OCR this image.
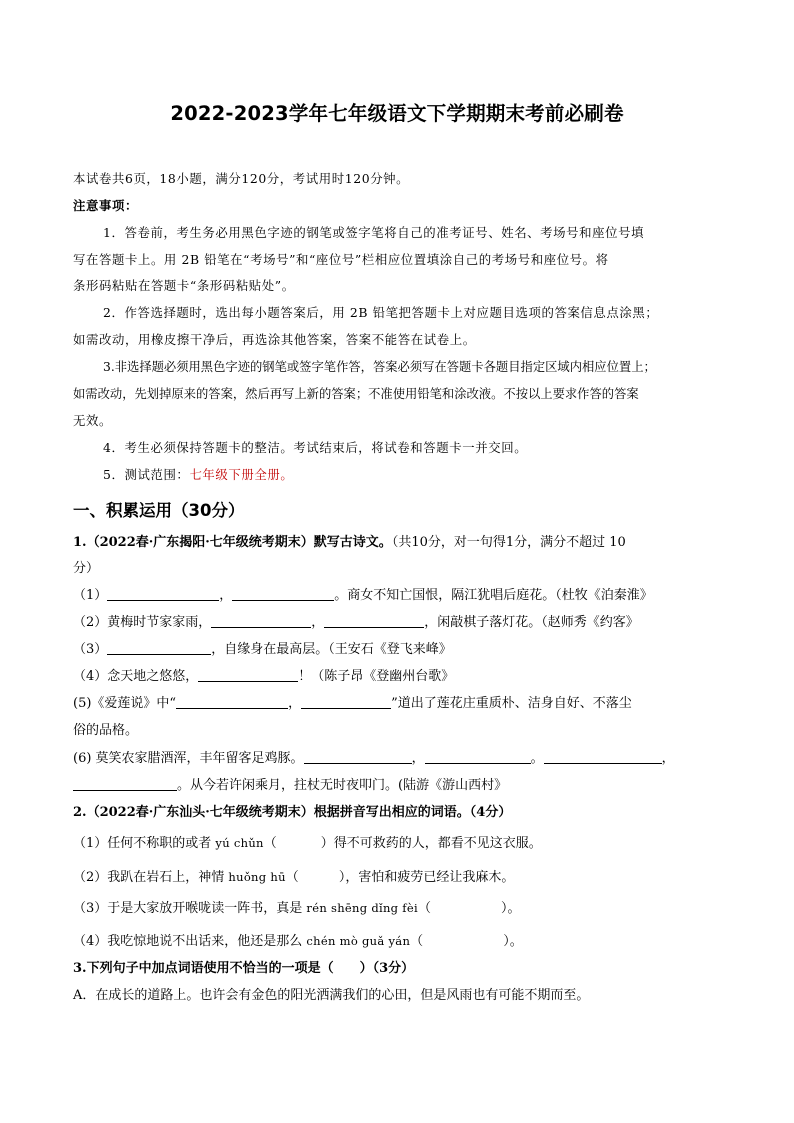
2022-2023学年七年级语文下学期期末考前必刷卷
本试卷共6页，18小题，满分120分，考试用时120分钟。
注意事项：
1．答卷前，考生务必用黑色字迹的钢笔或签字笔将自己的准考证号、姓名、考场号和座位号填
写在答题卡上。用 2B 铅笔在“考场号”和“座位号”栏相应位置填涂自己的考场号和座位号。将
条形码粘贴在答题卡“条形码粘贴处”。
2．作答选择题时，选出每小题答案后，用 2B 铅笔把答题卡上对应题目选项的答案信息点涂黑；
如需改动，用橡皮擦干净后，再选涂其他答案，答案不能答在试卷上。
3.非选择题必须用黑色字迹的钢笔或签字笔作答，答案必须写在答题卡各题目指定区域内相应位置上；
如需改动，先划掉原来的答案，然后再写上新的答案；不准使用铅笔和涂改液。不按以上要求作答的答案
无效。
4．考生必须保持答题卡的整洁。考试结束后，将试卷和答题卡一并交回。
5．测试范围：七年级下册全册。
一、积累运用（30分）
1.（2022春·广东揭阳·七年级统考期末）默写古诗文。（共10分，对一句得1分，满分不超过 10
分）
（1）	，	。商女不知亡国恨，隔江犹唱后庭花。（杜牧《泊秦淮》
（2）黄梅时节家家雨，	，	，闲敲棋子落灯花。（赵师秀《约客》
（3）	，自缘身在最高层。（王安石《登飞来峰》
（4）念天地之悠悠，	！（陈子昂《登幽州台歌》
(5)《爱莲说》中“	，	”道出了莲花庄重质朴、洁身自好、不落尘
俗的品格。
(6) 莫笑农家腊酒浑，丰年留客足鸡豚。	，	。	，
。从今若许闲乘月，拄杖无时夜叩门。(陆游《游山西村》
2.（2022春·广东汕头·七年级统考期末）根据拼音写出相应的词语。（4分）
（1）任何不称职的或者 yú chǔn（	）得不可救药的人，都看不见这衣服。
（2）我趴在岩石上，神情 huǒng hū（	），害怕和疲劳已经让我麻木。
（3）于是大家放开喉咙读一阵书，真是 rén shēng dǐng fèi（	）。
（4）我吃惊地说不出话来，他还是那么 chén mò guǎ yán（	）。
3.下列句子中加点词语使用不恰当的一项是（　　）（3分）
A．在成长的道路上。也许会有金色的阳光洒满我们的心田，但是风雨也有可能不期而至。
